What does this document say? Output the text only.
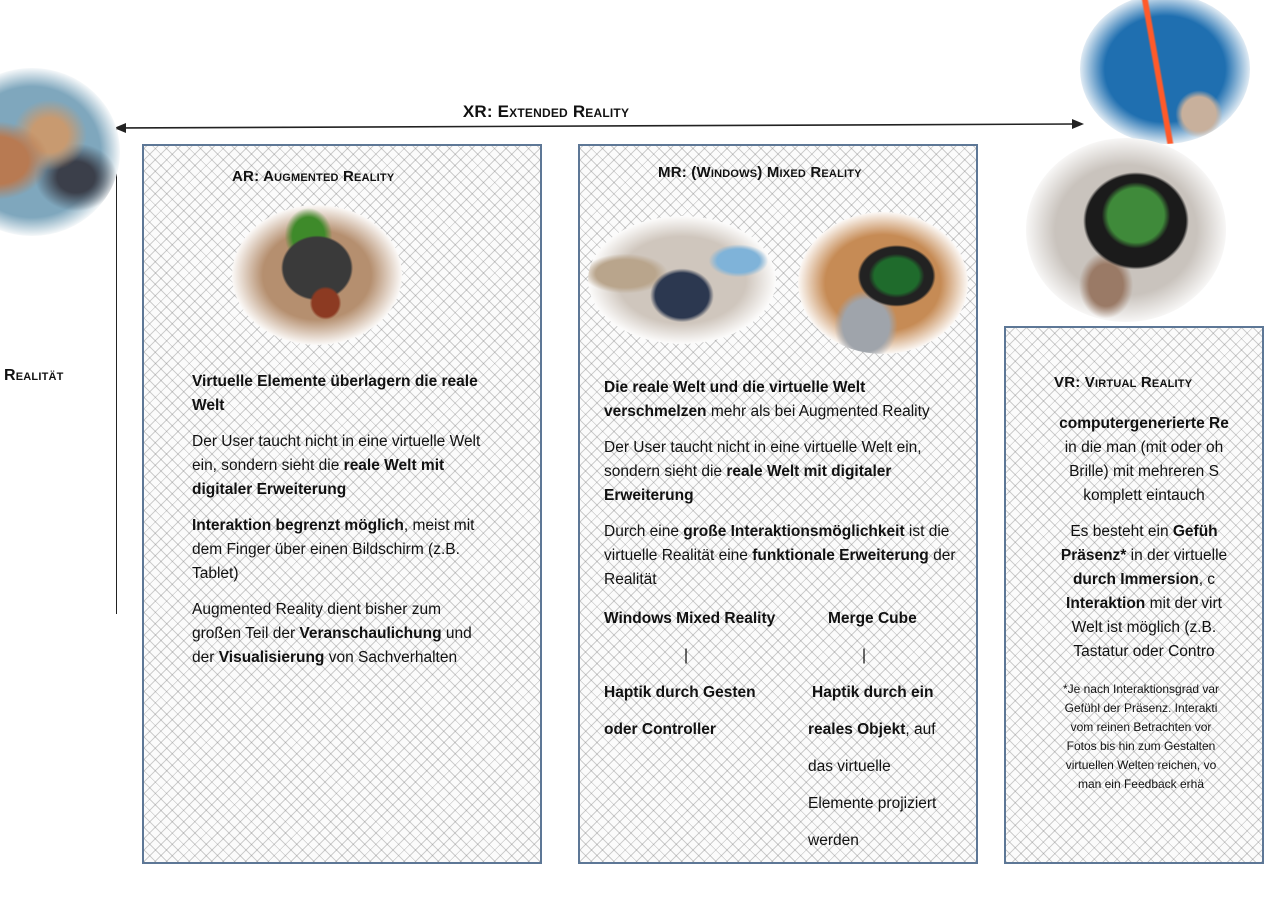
XR: Extended Reality
Realität
AR: Augmented Reality

Virtuelle Elemente überlagern die reale Welt

Der User taucht nicht in eine virtuelle Welt ein, sondern sieht die reale Welt mit digitaler Erweiterung

Interaktion begrenzt möglich, meist mit dem Finger über einen Bildschirm (z.B. Tablet)

Augmented Reality dient bisher zum großen Teil der Veranschaulichung und der Visualisierung von Sachverhalten

MR: (Windows) Mixed Reality

Die reale Welt und die virtuelle Welt verschmelzen mehr als bei Augmented Reality

Der User taucht nicht in eine virtuelle Welt ein, sondern sieht die reale Welt mit digitaler Erweiterung

Durch eine große Interaktionsmöglichkeit ist die virtuelle Realität eine funktionale Erweiterung der Realität

Windows Mixed Reality
|
Haptik durch Gesten
oder Controller
Merge Cube
|
Haptik durch ein
reales Objekt, auf
das virtuelle
Elemente projiziert
werden
VR: Virtual Reality
computergenerierte Re
in die man (mit oder oh
Brille) mit mehreren S
komplett eintauch
Es besteht ein Gefüh
Präsenz* in der virtuelle
durch Immersion, c
Interaktion mit der virt
Welt ist möglich (z.B.
Tastatur oder Contro
*Je nach Interaktionsgrad var
Gefühl der Präsenz. Interakti
vom reinen Betrachten vor
Fotos bis hin zum Gestalten
virtuellen Welten reichen, vo
man ein Feedback erhä
